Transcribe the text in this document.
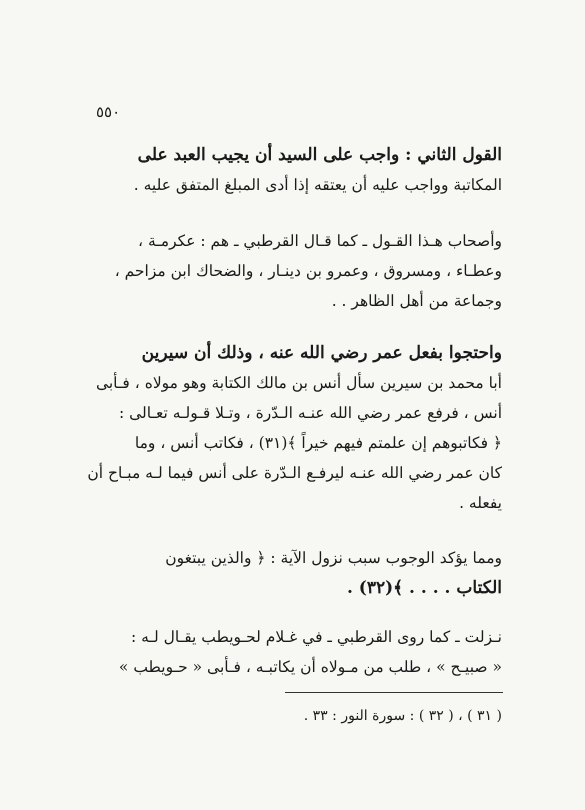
٥٥٠
القول الثاني : واجب على السيد أن يجيب العبد على
المكاتبة وواجب عليه أن يعتقه إذا أدى المبلغ المتفق عليه .
وأصحاب هـذا القـول ـ كما قـال القرطبي ـ هم : عكرمـة ،
وعطـاء ، ومسروق ، وعمرو بن دينـار ، والضحاك ابن مزاحم ،
وجماعة من أهل الظاهر . .
واحتجوا بفعل عمر رضي الله عنه ، وذلك أن سيرين
أبا محمد بن سيرين سأل أنس بن مالك الكتابة وهو مولاه ، فـأبى
أنس ، فرفع عمر رضي الله عنـه الـدّرة ، وتـلا قـولـه تعـالى :
﴿ فكاتبوهم إن علمتم فيهم خيراً ﴾(٣١) ، فكاتب أنس ، وما
كان عمر رضي الله عنـه ليرفـع الـدّرة على أنس فيما لـه مبـاح أن
يفعله .
ومما يؤكد الوجوب سبب نزول الآية : ﴿ والذين يبتغون
الكتاب . . . . ﴾(٣٢) .
نـزلت ـ كما روى القرطبي ـ في غـلام لحـويطب يقـال لـه :
« صبيـح » ، طلب من مـولاه أن يكاتبـه ، فـأبى « حـويطب »
( ٣١ ) ، ( ٣٢ ) : سورة النور : ٣٣ .
